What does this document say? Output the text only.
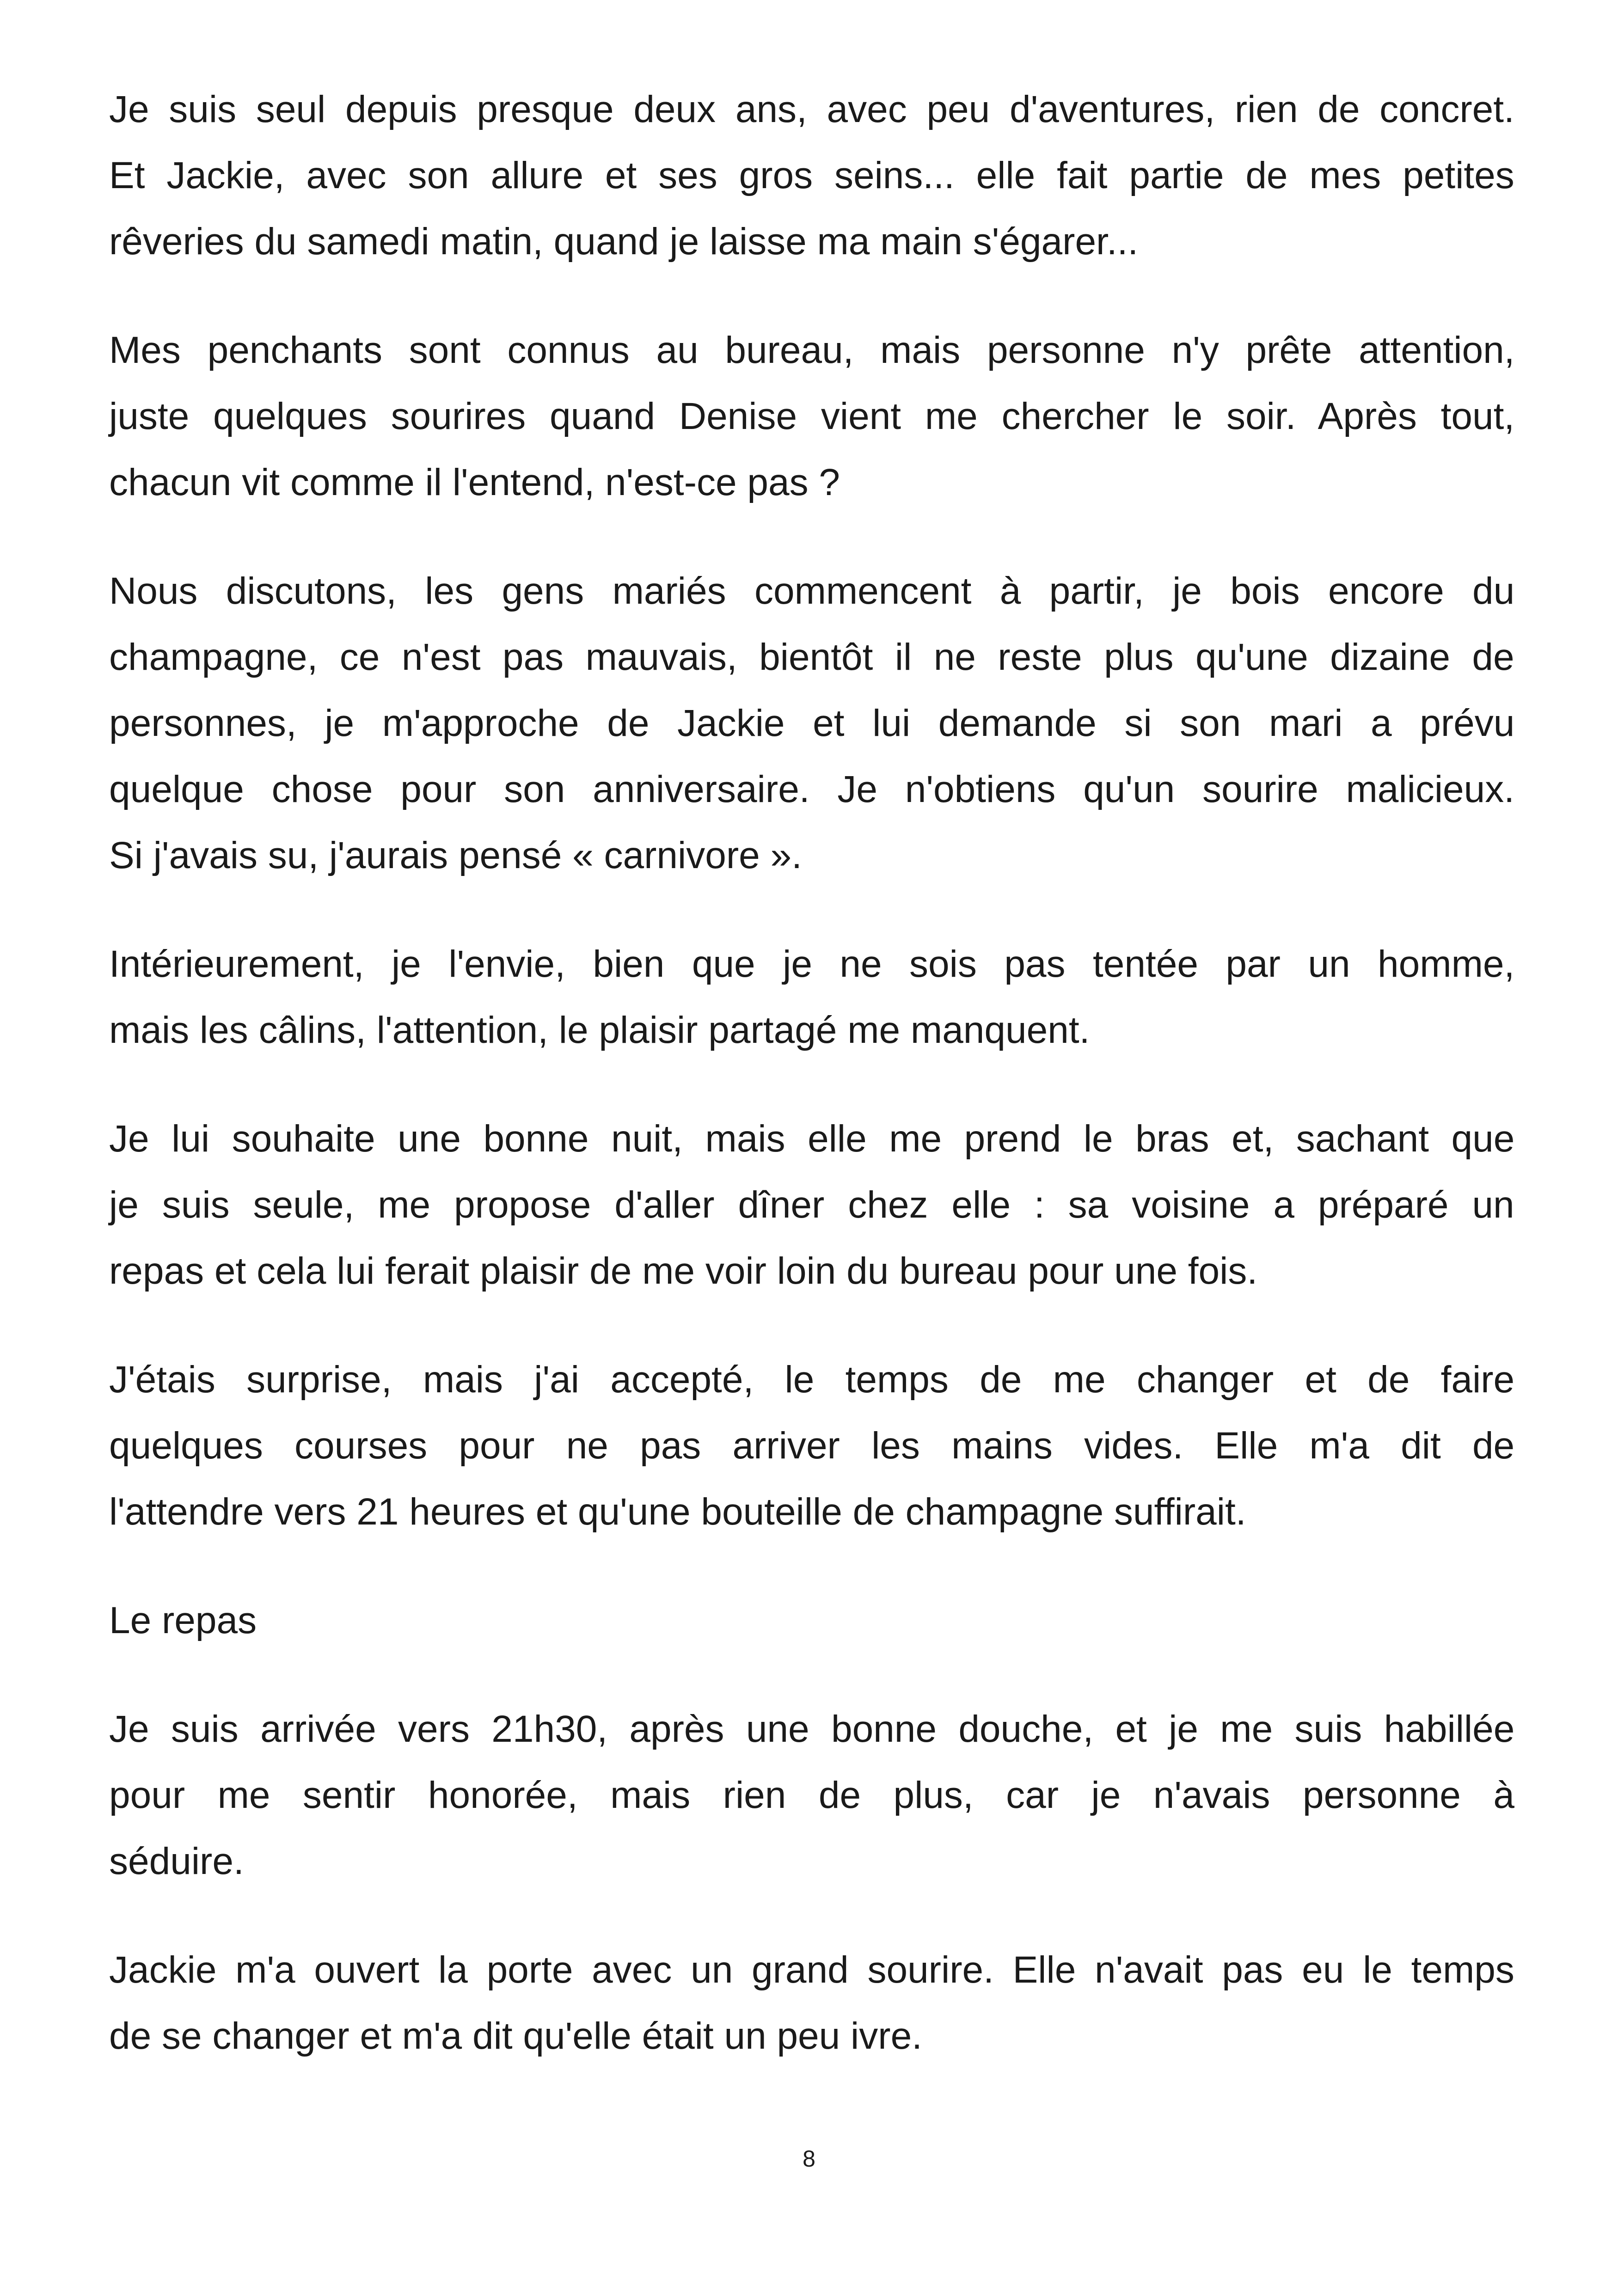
Je suis seul depuis presque deux ans, avec peu d'aventures, rien de concret.
Et Jackie, avec son allure et ses gros seins... elle fait partie de mes petites
rêveries du samedi matin, quand je laisse ma main s'égarer...

Mes penchants sont connus au bureau, mais personne n'y prête attention,
juste quelques sourires quand Denise vient me chercher le soir. Après tout,
chacun vit comme il l'entend, n'est-ce pas ?

Nous discutons, les gens mariés commencent à partir, je bois encore du
champagne, ce n'est pas mauvais, bientôt il ne reste plus qu'une dizaine de
personnes, je m'approche de Jackie et lui demande si son mari a prévu
quelque chose pour son anniversaire. Je n'obtiens qu'un sourire malicieux.
Si j'avais su, j'aurais pensé « carnivore ».

Intérieurement, je l'envie, bien que je ne sois pas tentée par un homme,
mais les câlins, l'attention, le plaisir partagé me manquent.

Je lui souhaite une bonne nuit, mais elle me prend le bras et, sachant que
je suis seule, me propose d'aller dîner chez elle : sa voisine a préparé un
repas et cela lui ferait plaisir de me voir loin du bureau pour une fois.

J'étais surprise, mais j'ai accepté, le temps de me changer et de faire
quelques courses pour ne pas arriver les mains vides. Elle m'a dit de
l'attendre vers 21 heures et qu'une bouteille de champagne suffirait.

Le repas

Je suis arrivée vers 21h30, après une bonne douche, et je me suis habillée
pour me sentir honorée, mais rien de plus, car je n'avais personne à
séduire.

Jackie m'a ouvert la porte avec un grand sourire. Elle n'avait pas eu le temps
de se changer et m'a dit qu'elle était un peu ivre.

8
